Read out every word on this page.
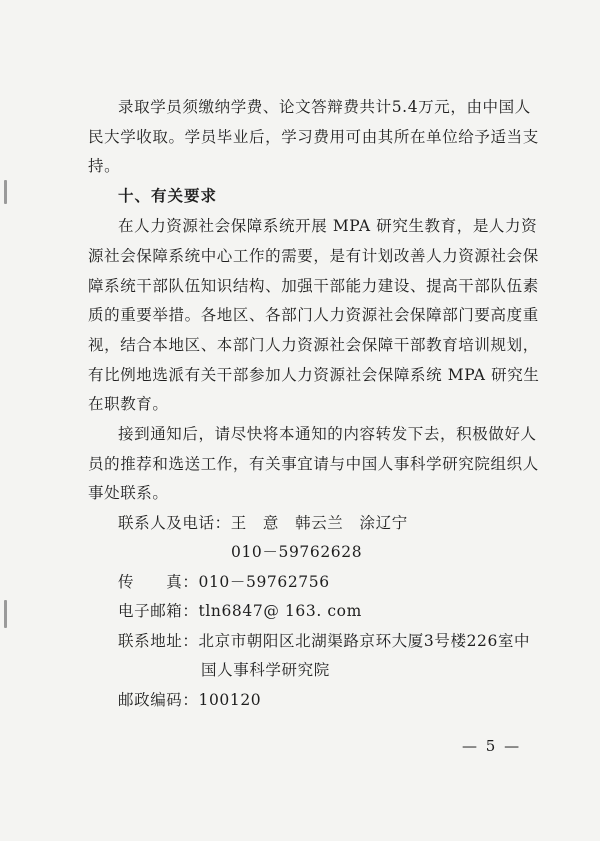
录取学员须缴纳学费、论文答辩费共计5.4万元，由中国人
民大学收取。学员毕业后，学习费用可由其所在单位给予适当支
持。
十、有关要求
在人力资源社会保障系统开展 MPA 研究生教育，是人力资
源社会保障系统中心工作的需要，是有计划改善人力资源社会保
障系统干部队伍知识结构、加强干部能力建设、提高干部队伍素
质的重要举措。各地区、各部门人力资源社会保障部门要高度重
视，结合本地区、本部门人力资源社会保障干部教育培训规划，
有比例地选派有关干部参加人力资源社会保障系统 MPA 研究生
在职教育。
接到通知后，请尽快将本通知的内容转发下去，积极做好人
员的推荐和选送工作，有关事宜请与中国人事科学研究院组织人
事处联系。
联系人及电话：王　意　韩云兰　涂辽宁
010－59762628
传　　真：010－59762756
电子邮箱：tln6847@ 163. com
联系地址：北京市朝阳区北湖渠路京环大厦3号楼226室中
国人事科学研究院
邮政编码：100120
— 5 —
